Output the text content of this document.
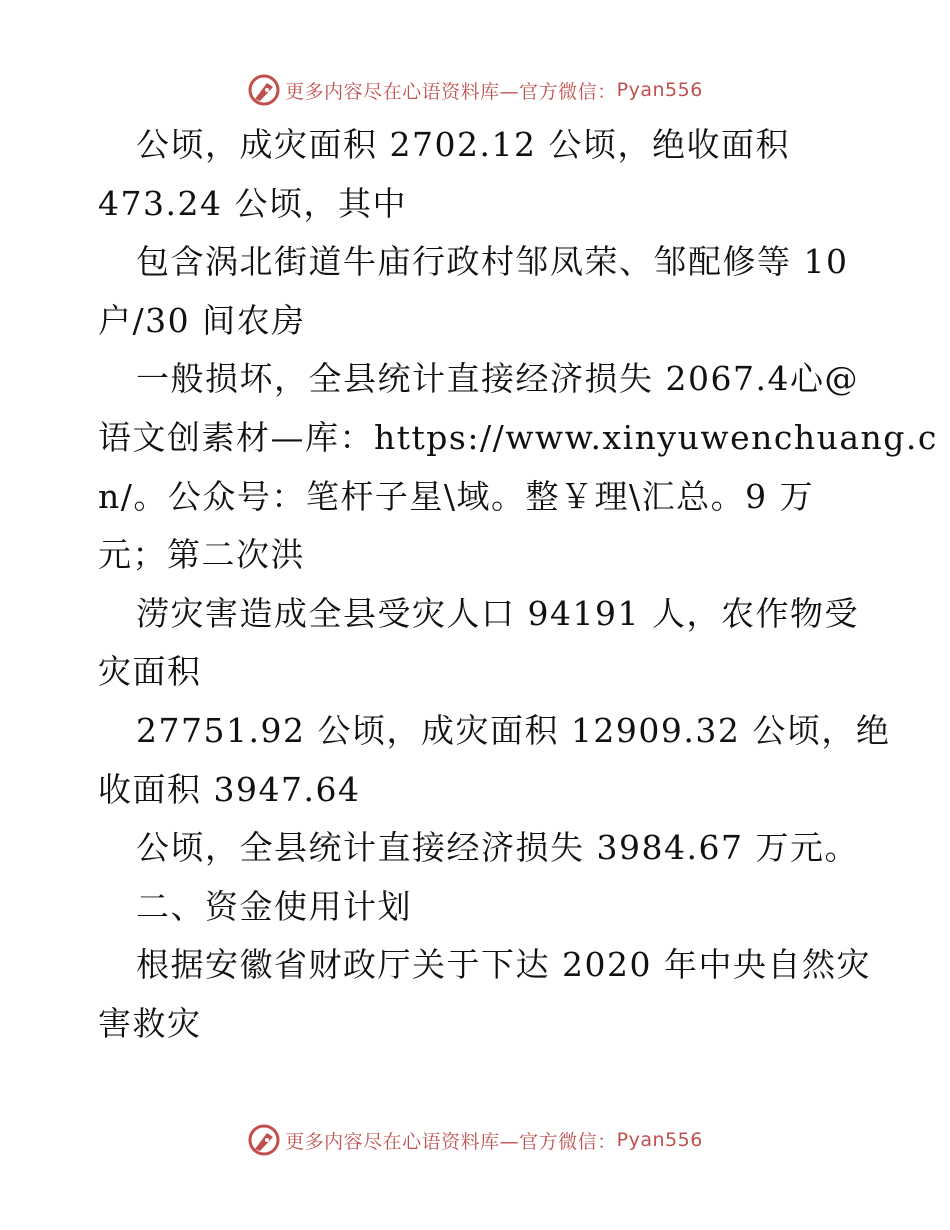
更多内容尽在心语资料库—官方微信： Pyan556
公顷，成灾面积 2702.12 公顷，绝收面积
473.24 公顷，其中
包含涡北街道牛庙行政村邹凤荣、邹配修等 10
户/30 间农房
一般损坏，全县统计直接经济损失 2067.4心@
语文创素材—库：https://www.xinyuwenchuang.c
n/。公众号：笔杆子星\域。整￥理\汇总。9 万
元；第二次洪
涝灾害造成全县受灾人口 94191 人，农作物受
灾面积
27751.92 公顷，成灾面积 12909.32 公顷，绝
收面积 3947.64
公顷，全县统计直接经济损失 3984.67 万元。
二、资金使用计划
根据安徽省财政厅关于下达 2020 年中央自然灾
害救灾
更多内容尽在心语资料库—官方微信： Pyan556
